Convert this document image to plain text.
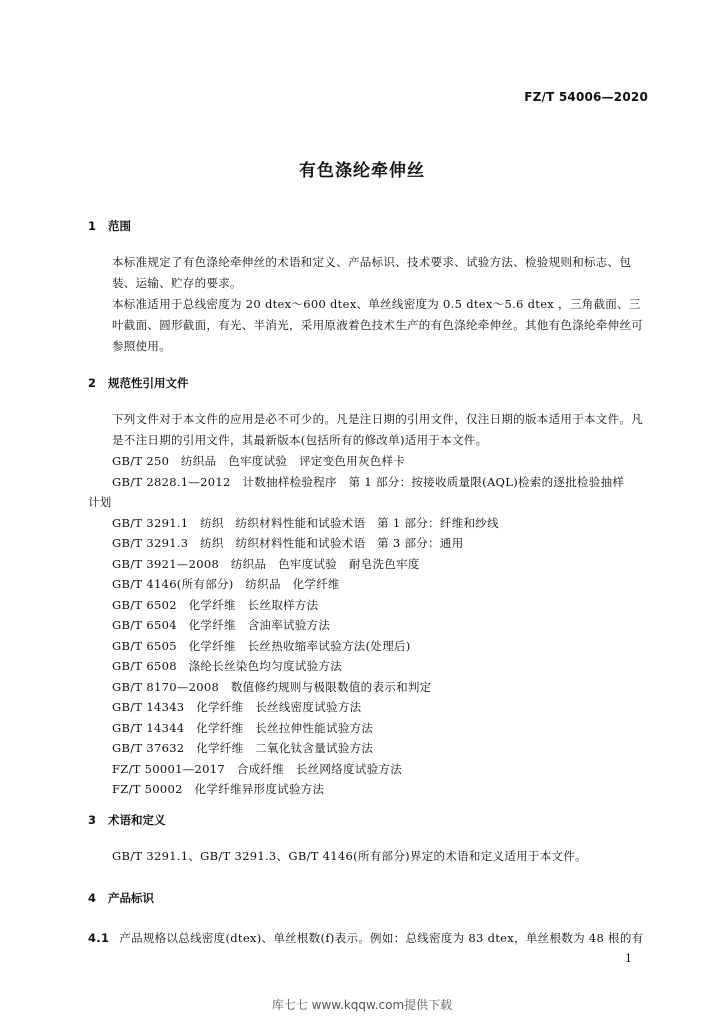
FZ/T 54006—2020
有色涤纶牵伸丝
1 范围

本标准规定了有色涤纶牵伸丝的术语和定义、产品标识、技术要求、试验方法、检验规则和标志、包装、运输、贮存的要求。

本标准适用于总线密度为 20 dtex～600 dtex、单丝线密度为 0.5 dtex～5.6 dtex ，三角截面、三叶截面、圆形截面，有光、半消光，采用原液着色技术生产的有色涤纶牵伸丝。其他有色涤纶牵伸丝可参照使用。

2 规范性引用文件

下列文件对于本文件的应用是必不可少的。凡是注日期的引用文件，仅注日期的版本适用于本文件。凡是不注日期的引用文件，其最新版本(包括所有的修改单)适用于本文件。

GB/T 250　纺织品　色牢度试验　评定变色用灰色样卡
GB/T 2828.1—2012　计数抽样检验程序　第 1 部分：按接收质量限(AQL)检索的逐批检验抽样
计划
GB/T 3291.1　纺织　纺织材料性能和试验术语　第 1 部分：纤维和纱线
GB/T 3291.3　纺织　纺织材料性能和试验术语　第 3 部分：通用
GB/T 3921—2008　纺织品　色牢度试验　耐皂洗色牢度
GB/T 4146(所有部分)　纺织品　化学纤维
GB/T 6502　化学纤维　长丝取样方法
GB/T 6504　化学纤维　含油率试验方法
GB/T 6505　化学纤维　长丝热收缩率试验方法(处理后)
GB/T 6508　涤纶长丝染色均匀度试验方法
GB/T 8170—2008　数值修约规则与极限数值的表示和判定
GB/T 14343　化学纤维　长丝线密度试验方法
GB/T 14344　化学纤维　长丝拉伸性能试验方法
GB/T 37632　化学纤维　二氧化钛含量试验方法
FZ/T 50001—2017　合成纤维　长丝网络度试验方法
FZ/T 50002　化学纤维异形度试验方法
3 术语和定义

GB/T 3291.1、GB/T 3291.3、GB/T 4146(所有部分)界定的术语和定义适用于本文件。

4 产品标识
4.1 产品规格以总线密度(dtex)、单丝根数(f)表示。例如：总线密度为 83 dtex，单丝根数为 48 根的有
1
库七七 www.kqqw.com提供下载
